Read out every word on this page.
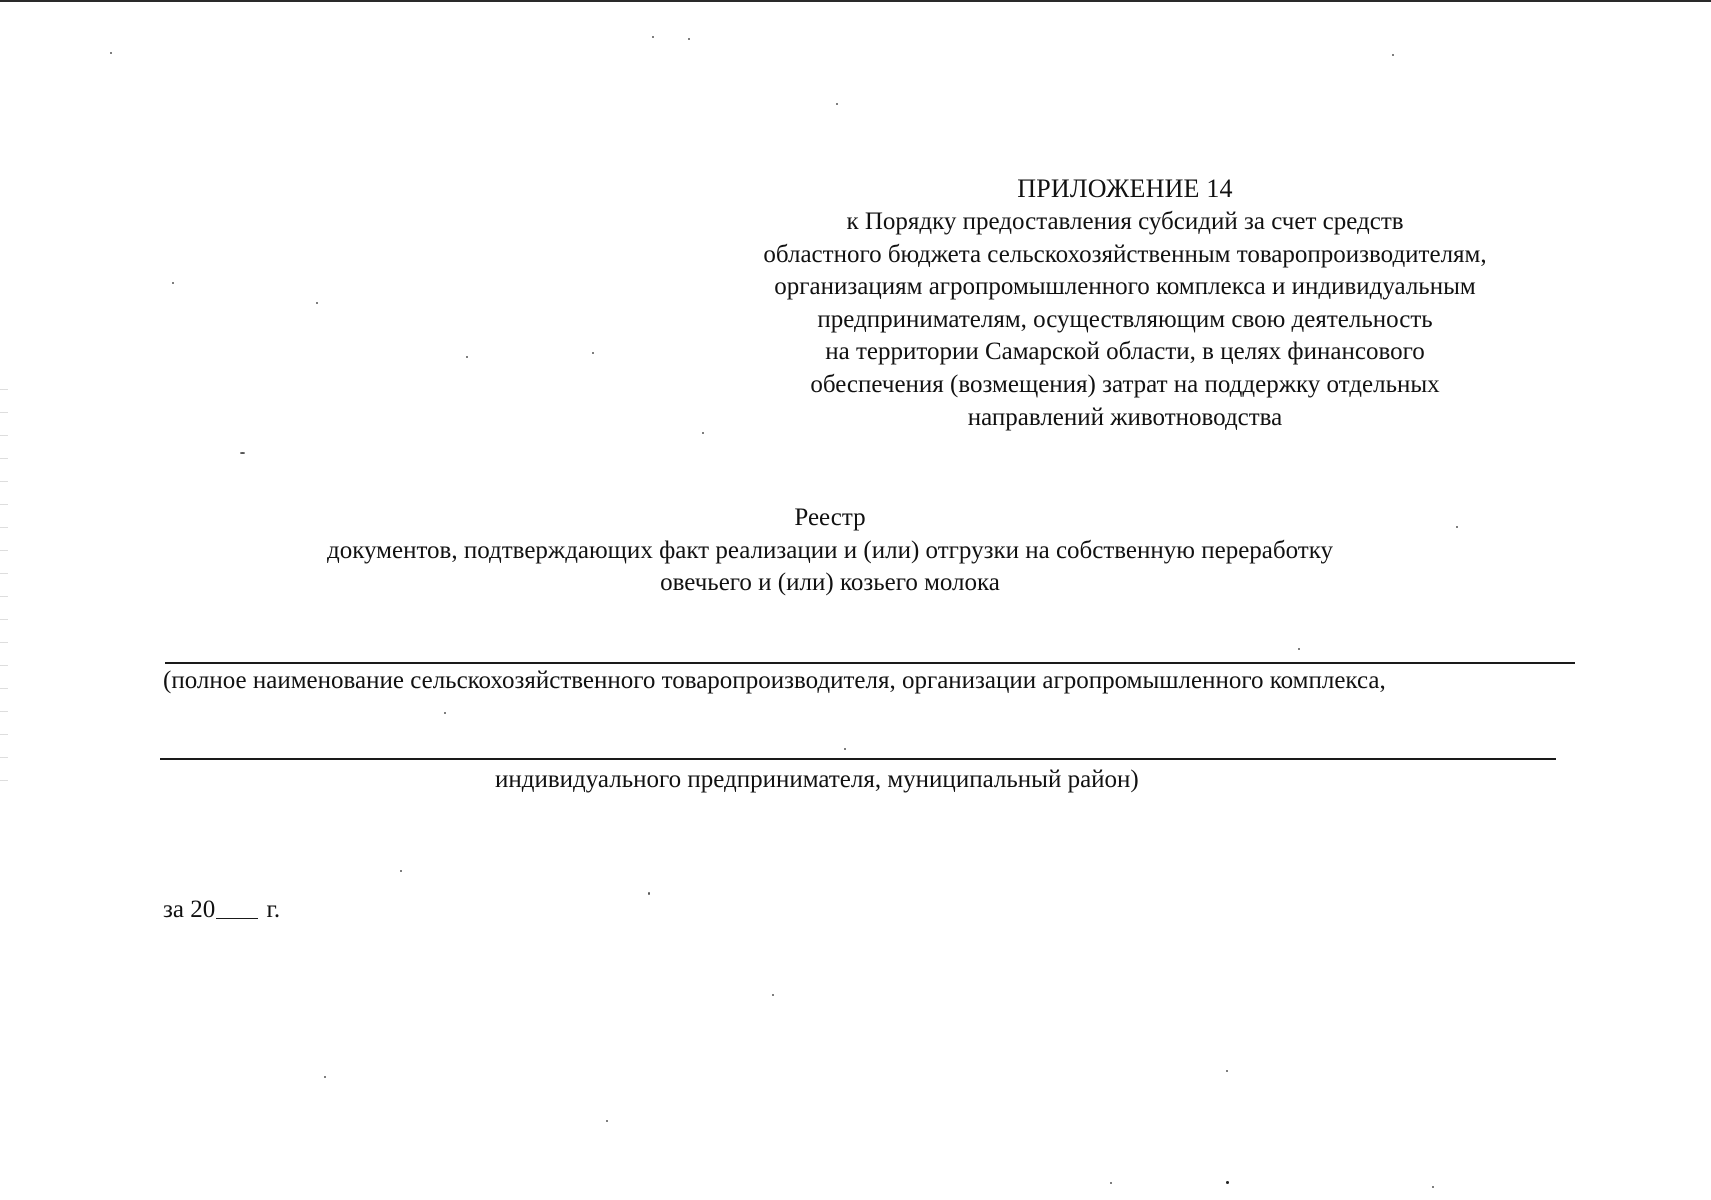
ПРИЛОЖЕНИЕ 14
к Порядку предоставления субсидий за счет средств
областного бюджета сельскохозяйственным товаропроизводителям,
организациям агропромышленного комплекса и индивидуальным
предпринимателям, осуществляющим свою деятельность
на территории Самарской области, в целях финансового
обеспечения (возмещения) затрат на поддержку отдельных
направлений животноводства
Реестр
документов, подтверждающих факт реализации и (или) отгрузки на собственную переработку
овечьего и (или) козьего молока
(полное наименование сельскохозяйственного товаропроизводителя, организации агропромышленного комплекса,
индивидуального предпринимателя, муниципальный район)
за 20 г.
